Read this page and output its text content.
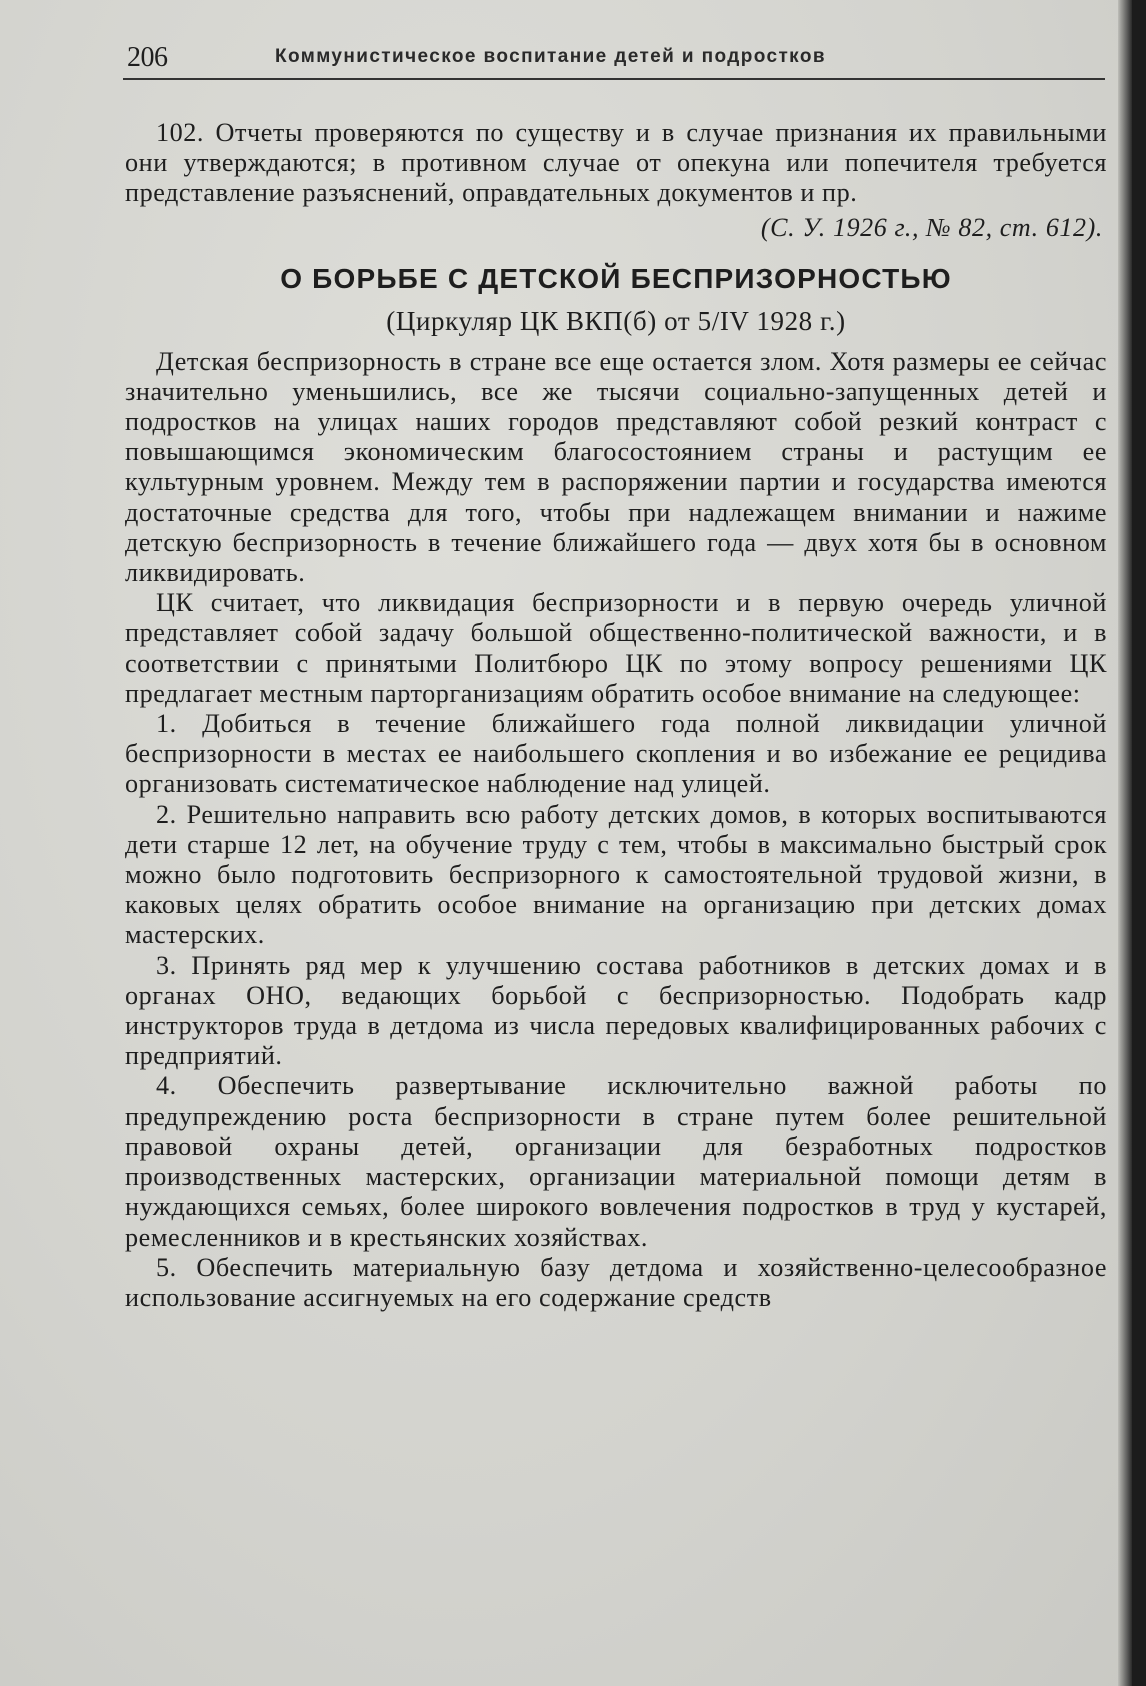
206	Коммунистическое воспитание детей и подростков

102. Отчеты проверяются по существу и в случае признания их правильными они утверждаются; в противном случае от опекуна или попечителя требуется представление разъяснений, оправдательных документов и пр.

(С. У. 1926 г., № 82, ст. 612).
О БОРЬБЕ С ДЕТСКОЙ БЕСПРИЗОРНОСТЬЮ
(Циркуляр ЦК ВКП(б) от 5/IV 1928 г.)

Детская беспризорность в стране все еще остается злом. Хотя размеры ее сейчас значительно уменьшились, все же тысячи социально-запущенных детей и подростков на улицах наших городов представляют собой резкий контраст с повышающимся экономическим благосостоянием страны и растущим ее культурным уровнем. Между тем в распоряжении партии и государства имеются достаточные средства для того, чтобы при надлежащем внимании и нажиме детскую беспризорность в течение ближайшего года — двух хотя бы в основном ликвидировать.

ЦК считает, что ликвидация беспризорности и в первую очередь уличной представляет собой задачу большой общественно-политической важности, и в соответствии с принятыми Политбюро ЦК по этому вопросу решениями ЦК предлагает местным парторганизациям обратить особое внимание на следующее:

1. Добиться в течение ближайшего года полной ликвидации уличной беспризорности в местах ее наибольшего скопления и во избежание ее рецидива организовать систематическое наблюдение над улицей.

2. Решительно направить всю работу детских домов, в которых воспитываются дети старше 12 лет, на обучение труду с тем, чтобы в максимально быстрый срок можно было подготовить беспризорного к самостоятельной трудовой жизни, в каковых целях обратить особое внимание на организацию при детских домах мастерских.

3. Принять ряд мер к улучшению состава работников в детских домах и в органах ОНО, ведающих борьбой с беспризорностью. Подобрать кадр инструкторов труда в детдома из числа передовых квалифицированных рабочих с предприятий.

4. Обеспечить развертывание исключительно важной работы по предупреждению роста беспризорности в стране путем более решительной правовой охраны детей, организации для безработных подростков производственных мастерских, организации материальной помощи детям в нуждающихся семьях, более широкого вовлечения подростков в труд у кустарей, ремесленников и в крестьянских хозяйствах.

5. Обеспечить материальную базу детдома и хозяйственно-целесообразное использование ассигнуемых на его содержание средств
